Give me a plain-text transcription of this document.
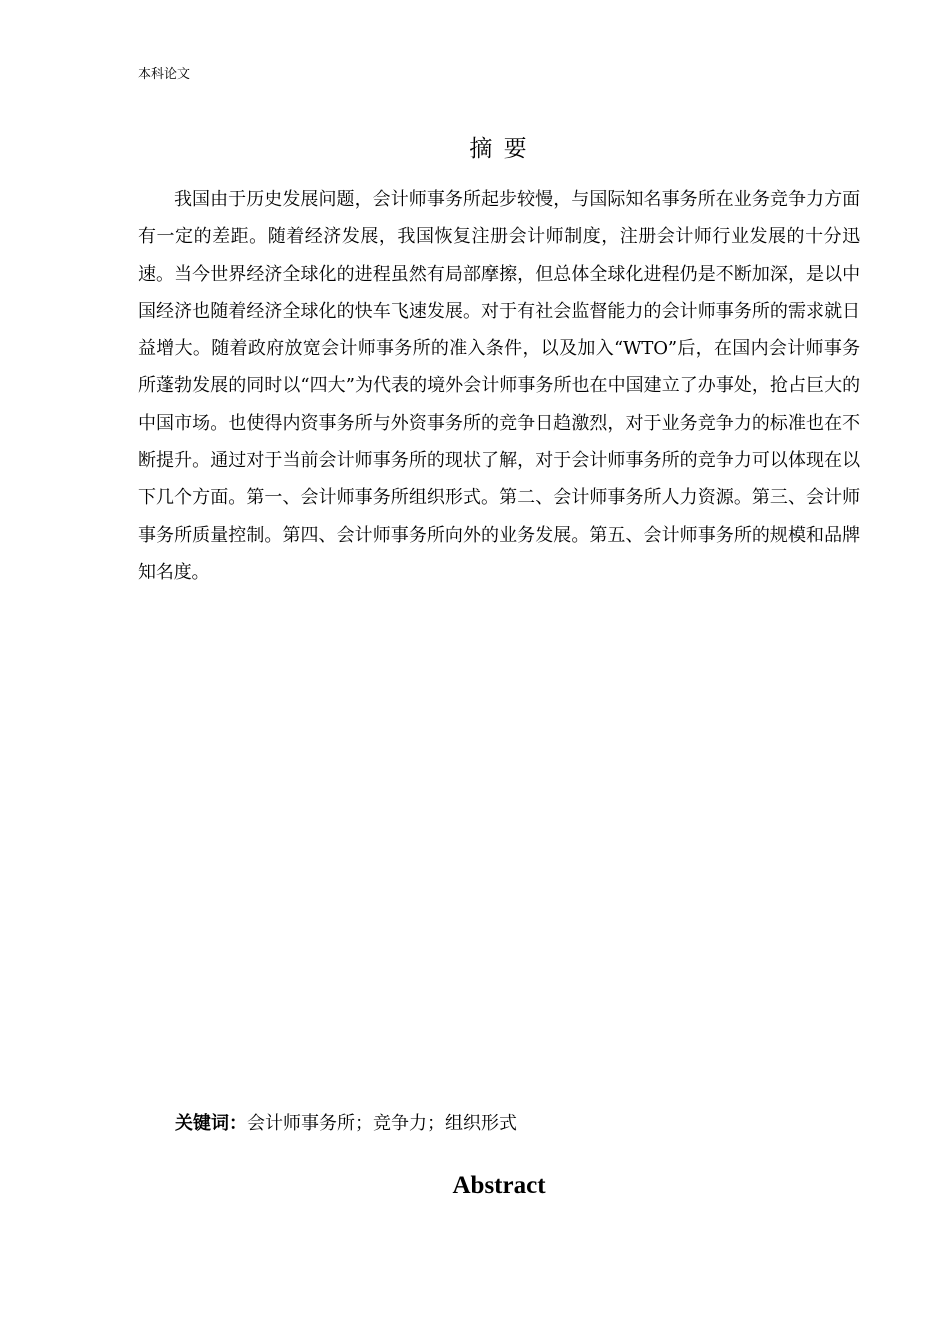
本科论文
摘 要

我国由于历史发展问题，会计师事务所起步较慢，与国际知名事务所在业务竞争力方面有一定的差距。随着经济发展，我国恢复注册会计师制度，注册会计师行业发展的十分迅速。当今世界经济全球化的进程虽然有局部摩擦，但总体全球化进程仍是不断加深，是以中国经济也随着经济全球化的快车飞速发展。对于有社会监督能力的会计师事务所的需求就日益增大。随着政府放宽会计师事务所的准入条件，以及加入“WTO”后，在国内会计师事务所蓬勃发展的同时以“四大”为代表的境外会计师事务所也在中国建立了办事处，抢占巨大的中国市场。也使得内资事务所与外资事务所的竞争日趋激烈，对于业务竞争力的标准也在不断提升。通过对于当前会计师事务所的现状了解，对于会计师事务所的竞争力可以体现在以下几个方面。第一、会计师事务所组织形式。第二、会计师事务所人力资源。第三、会计师事务所质量控制。第四、会计师事务所向外的业务发展。第五、会计师事务所的规模和品牌知名度。

关键词：会计师事务所；竞争力；组织形式
Abstract
